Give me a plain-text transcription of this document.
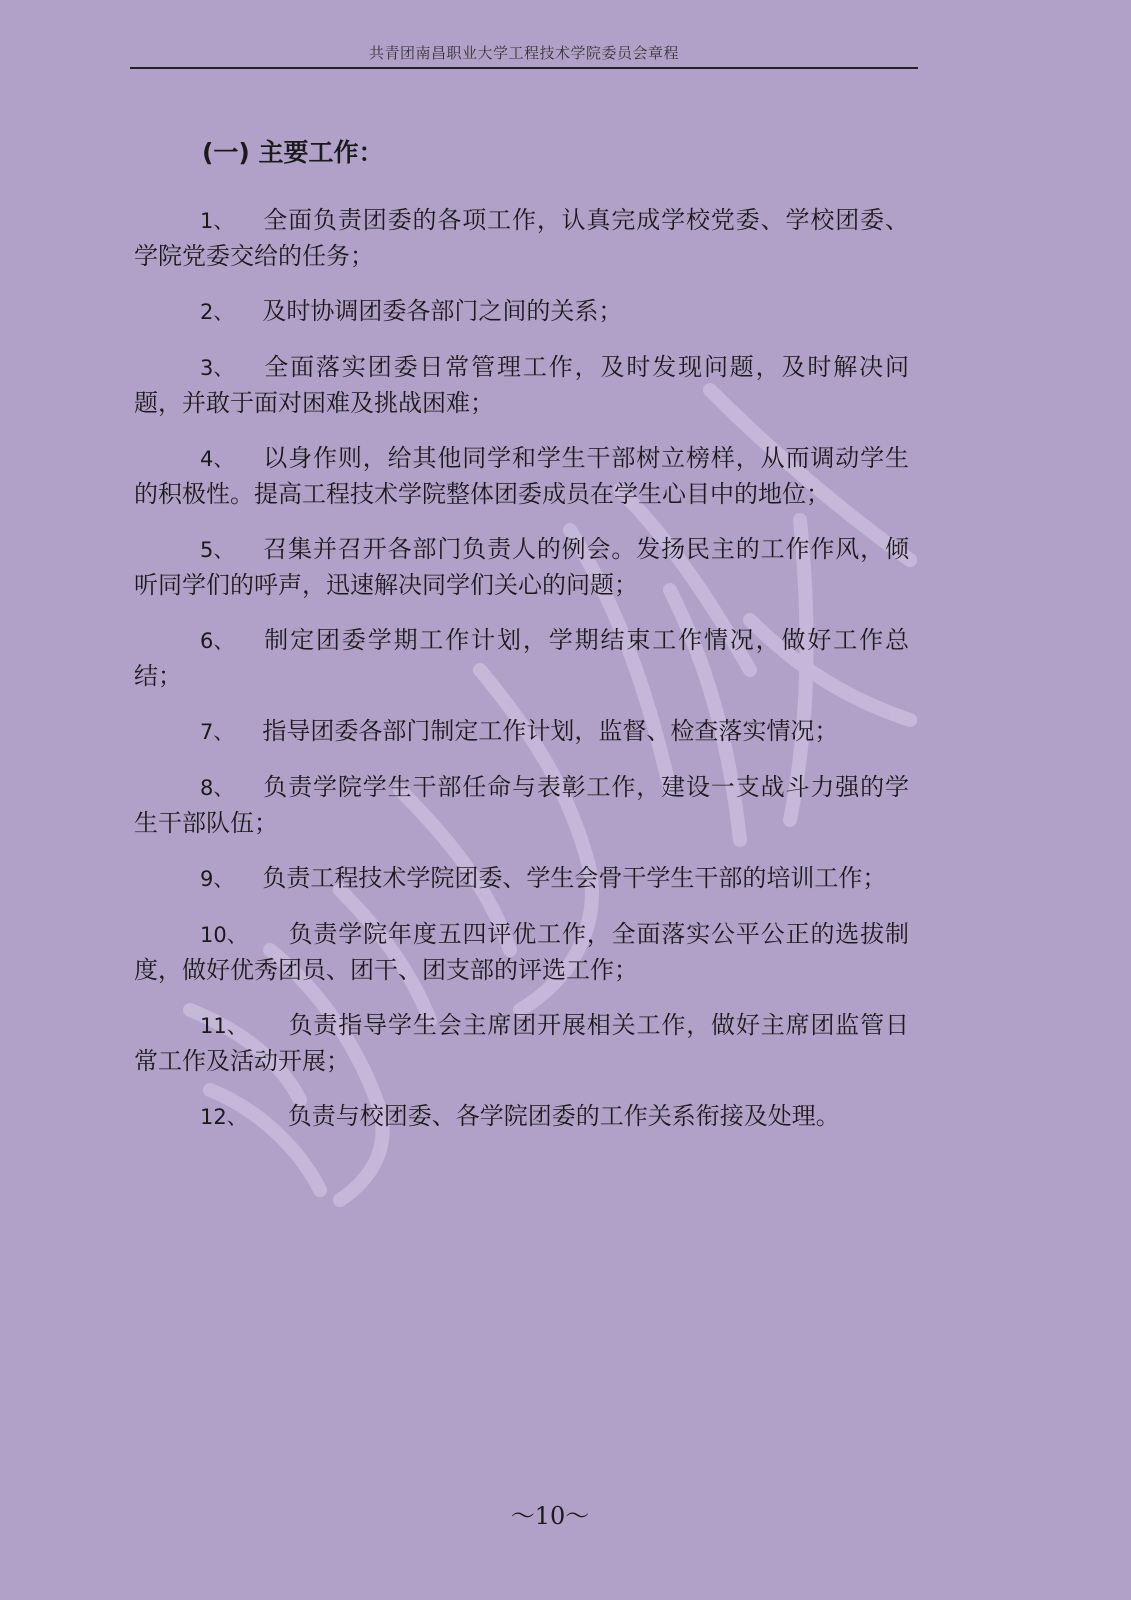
共青团南昌职业大学工程技术学院委员会章程
(一) 主要工作：

1、 全面负责团委的各项工作，认真完成学校党委、学校团委、学院党委交给的任务；

2、 及时协调团委各部门之间的关系；

3、 全面落实团委日常管理工作，及时发现问题，及时解决问题，并敢于面对困难及挑战困难；

4、 以身作则，给其他同学和学生干部树立榜样，从而调动学生的积极性。提高工程技术学院整体团委成员在学生心目中的地位；

5、 召集并召开各部门负责人的例会。发扬民主的工作作风，倾听同学们的呼声，迅速解决同学们关心的问题；

6、 制定团委学期工作计划，学期结束工作情况，做好工作总结；

7、 指导团委各部门制定工作计划，监督、检查落实情况；

8、 负责学院学生干部任命与表彰工作，建设一支战斗力强的学生干部队伍；

9、 负责工程技术学院团委、学生会骨干学生干部的培训工作；

10、 负责学院年度五四评优工作，全面落实公平公正的选拔制度，做好优秀团员、团干、团支部的评选工作；

11、 负责指导学生会主席团开展相关工作，做好主席团监管日常工作及活动开展；

12、 负责与校团委、各学院团委的工作关系衔接及处理。

～10～
